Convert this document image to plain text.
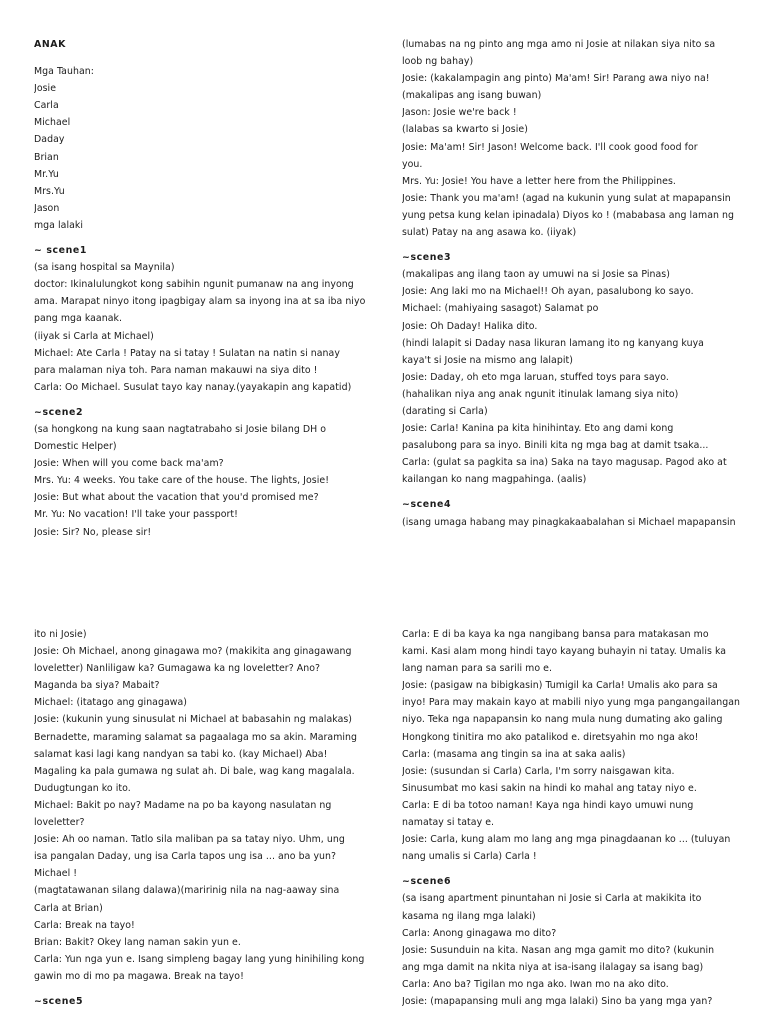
ANAK
Mga Tauhan:
Josie
Carla
Michael
Daday
Brian
Mr.Yu
Mrs.Yu
Jason
mga lalaki
~ scene1
(sa isang hospital sa Maynila)
doctor: Ikinalulungkot kong sabihin ngunit pumanaw na ang inyong
ama. Marapat ninyo itong ipagbigay alam sa inyong ina at sa iba niyo
pang mga kaanak.
(iiyak si Carla at Michael)
Michael: Ate Carla ! Patay na si tatay ! Sulatan na natin si nanay
para malaman niya toh. Para naman makauwi na siya dito !
Carla: Oo Michael. Susulat tayo kay nanay.(yayakapin ang kapatid)
~scene2
(sa hongkong na kung saan nagtatrabaho si Josie bilang DH o
Domestic Helper)
Josie: When will you come back ma'am?
Mrs. Yu: 4 weeks. You take care of the house. The lights, Josie!
Josie: But what about the vacation that you'd promised me?
Mr. Yu: No vacation! I'll take your passport!
Josie: Sir? No, please sir!
(lumabas na ng pinto ang mga amo ni Josie at nilakan siya nito sa
loob ng bahay)
Josie: (kakalampagin ang pinto) Ma'am! Sir! Parang awa niyo na!
(makalipas ang isang buwan)
Jason: Josie we're back !
(lalabas sa kwarto si Josie)
Josie: Ma'am! Sir! Jason! Welcome back. I'll cook good food for
you.
Mrs. Yu: Josie! You have a letter here from the Philippines.
Josie: Thank you ma'am! (agad na kukunin yung sulat at mapapansin
yung petsa kung kelan ipinadala) Diyos ko ! (mababasa ang laman ng
sulat) Patay na ang asawa ko. (iiyak)
~scene3
(makalipas ang ilang taon ay umuwi na si Josie sa Pinas)
Josie: Ang laki mo na Michael!! Oh ayan, pasalubong ko sayo.
Michael: (mahiyaing sasagot) Salamat po
Josie: Oh Daday! Halika dito.
(hindi lalapit si Daday nasa likuran lamang ito ng kanyang kuya
kaya't si Josie na mismo ang lalapit)
Josie: Daday, oh eto mga laruan, stuffed toys para sayo.
(hahalikan niya ang anak ngunit itinulak lamang siya nito)
(darating si Carla)
Josie: Carla! Kanina pa kita hinihintay. Eto ang dami kong
pasalubong para sa inyo. Binili kita ng mga bag at damit tsaka...
Carla: (gulat sa pagkita sa ina) Saka na tayo magusap. Pagod ako at
kailangan ko nang magpahinga. (aalis)
~scene4
(isang umaga habang may pinagkakaabalahan si Michael mapapansin
ito ni Josie)
Josie: Oh Michael, anong ginagawa mo? (makikita ang ginagawang
loveletter) Nanliligaw ka? Gumagawa ka ng loveletter? Ano?
Maganda ba siya? Mabait?
Michael: (itatago ang ginagawa)
Josie: (kukunin yung sinusulat ni Michael at babasahin ng malakas)
Bernadette, maraming salamat sa pagaalaga mo sa akin. Maraming
salamat kasi lagi kang nandyan sa tabi ko. (kay Michael) Aba!
Magaling ka pala gumawa ng sulat ah. Di bale, wag kang magalala.
Dudugtungan ko ito.
Michael: Bakit po nay? Madame na po ba kayong nasulatan ng
loveletter?
Josie: Ah oo naman. Tatlo sila maliban pa sa tatay niyo. Uhm, ung
isa pangalan Daday, ung isa Carla tapos ung isa ... ano ba yun?
Michael !
(magtatawanan silang dalawa)(maririnig nila na nag-aaway sina
Carla at Brian)
Carla: Break na tayo!
Brian: Bakit? Okey lang naman sakin yun e.
Carla: Yun nga yun e. Isang simpleng bagay lang yung hinihiling kong
gawin mo di mo pa magawa. Break na tayo!
~scene5
Carla: E di ba kaya ka nga nangibang bansa para matakasan mo
kami. Kasi alam mong hindi tayo kayang buhayin ni tatay. Umalis ka
lang naman para sa sarili mo e.
Josie: (pasigaw na bibigkasin) Tumigil ka Carla! Umalis ako para sa
inyo! Para may makain kayo at mabili niyo yung mga pangangailangan
niyo. Teka nga napapansin ko nang mula nung dumating ako galing
Hongkong tinitira mo ako patalikod e. diretsyahin mo nga ako!
Carla: (masama ang tingin sa ina at saka aalis)
Josie: (susundan si Carla) Carla, I'm sorry naisgawan kita.
Sinusumbat mo kasi sakin na hindi ko mahal ang tatay niyo e.
Carla: E di ba totoo naman! Kaya nga hindi kayo umuwi nung
namatay si tatay e.
Josie: Carla, kung alam mo lang ang mga pinagdaanan ko ... (tuluyan
nang umalis si Carla) Carla !
~scene6
(sa isang apartment pinuntahan ni Josie si Carla at makikita ito
kasama ng ilang mga lalaki)
Carla: Anong ginagawa mo dito?
Josie: Susunduin na kita. Nasan ang mga gamit mo dito? (kukunin
ang mga damit na nkita niya at isa-isang ilalagay sa isang bag)
Carla: Ano ba? Tigilan mo nga ako. Iwan mo na ako dito.
Josie: (mapapansing muli ang mga lalaki) Sino ba yang mga yan?
